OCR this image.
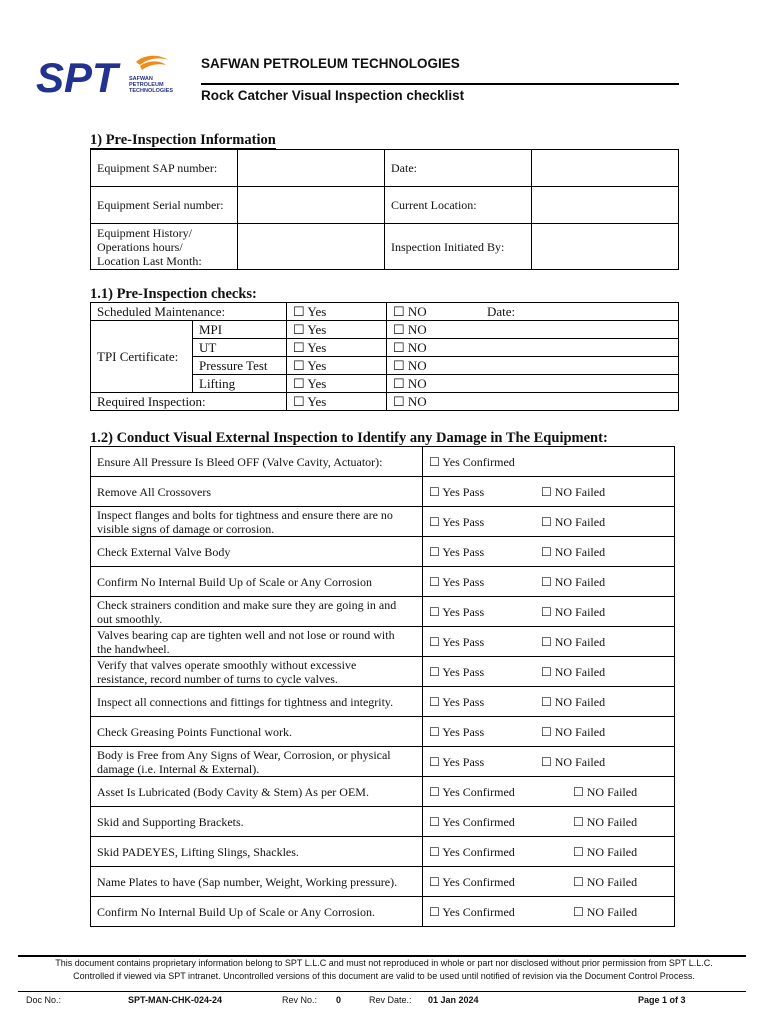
SPT	SAFWAN
PETROLEUM
TECHNOLOGIES
SAFWAN PETROLEUM TECHNOLOGIES
Rock Catcher Visual Inspection checklist
1) Pre-Inspection Information
Equipment SAP number:		Date:	
Equipment Serial number:		Current Location:	

Equipment History/
Operations hours/
Location Last Month:		Inspection Initiated By:	
1.1) Pre-Inspection checks:
Scheduled Maintenance:		☐ Yes	☐ NO Date:
TPI Certificate:	MPI	☐ Yes	☐ NO
	UT	☐ Yes	☐ NO
	Pressure Test	☐ Yes	☐ NO
	Lifting	☐ Yes	☐ NO
Required Inspection:		☐ Yes	☐ NO
1.2) Conduct Visual External Inspection to Identify any Damage in The Equipment:
Ensure All Pressure Is Bleed OFF (Valve Cavity, Actuator):	☐ Yes Confirmed

Remove All Crossovers	☐ Yes Pass ☐ NO Failed

Inspect flanges and bolts for tightness and ensure there are no
visible signs of damage or corrosion.	☐ Yes Pass ☐ NO Failed

Check External Valve Body	☐ Yes Pass ☐ NO Failed

Confirm No Internal Build Up of Scale or Any Corrosion	☐ Yes Pass ☐ NO Failed

Check strainers condition and make sure they are going in and
out smoothly.	☐ Yes Pass ☐ NO Failed

Valves bearing cap are tighten well and not lose or round with
the handwheel.	☐ Yes Pass ☐ NO Failed

Verify that valves operate smoothly without excessive
resistance, record number of turns to cycle valves.	☐ Yes Pass ☐ NO Failed

Inspect all connections and fittings for tightness and integrity.	☐ Yes Pass ☐ NO Failed

Check Greasing Points Functional work.	☐ Yes Pass ☐ NO Failed

Body is Free from Any Signs of Wear, Corrosion, or physical
damage (i.e. Internal & External).	☐ Yes Pass ☐ NO Failed

Asset Is Lubricated (Body Cavity & Stem) As per OEM.	☐ Yes Confirmed ☐ NO Failed

Skid and Supporting Brackets.	☐ Yes Confirmed ☐ NO Failed

Skid PADEYES, Lifting Slings, Shackles.	☐ Yes Confirmed ☐ NO Failed

Name Plates to have (Sap number, Weight, Working pressure).	☐ Yes Confirmed ☐ NO Failed

Confirm No Internal Build Up of Scale or Any Corrosion.	☐ Yes Confirmed ☐ NO Failed
This document contains proprietary information belong to SPT L.L.C and must not reproduced in whole or part nor disclosed without prior permission from SPT L.L.C.
Controlled if viewed via SPT intranet. Uncontrolled versions of this document are valid to be used until notified of revision via the Document Control Process.
Doc No.:	SPT-MAN-CHK-024-24	Rev No.: 0	Rev Date.: 01 Jan 2024	Page 1 of 3
